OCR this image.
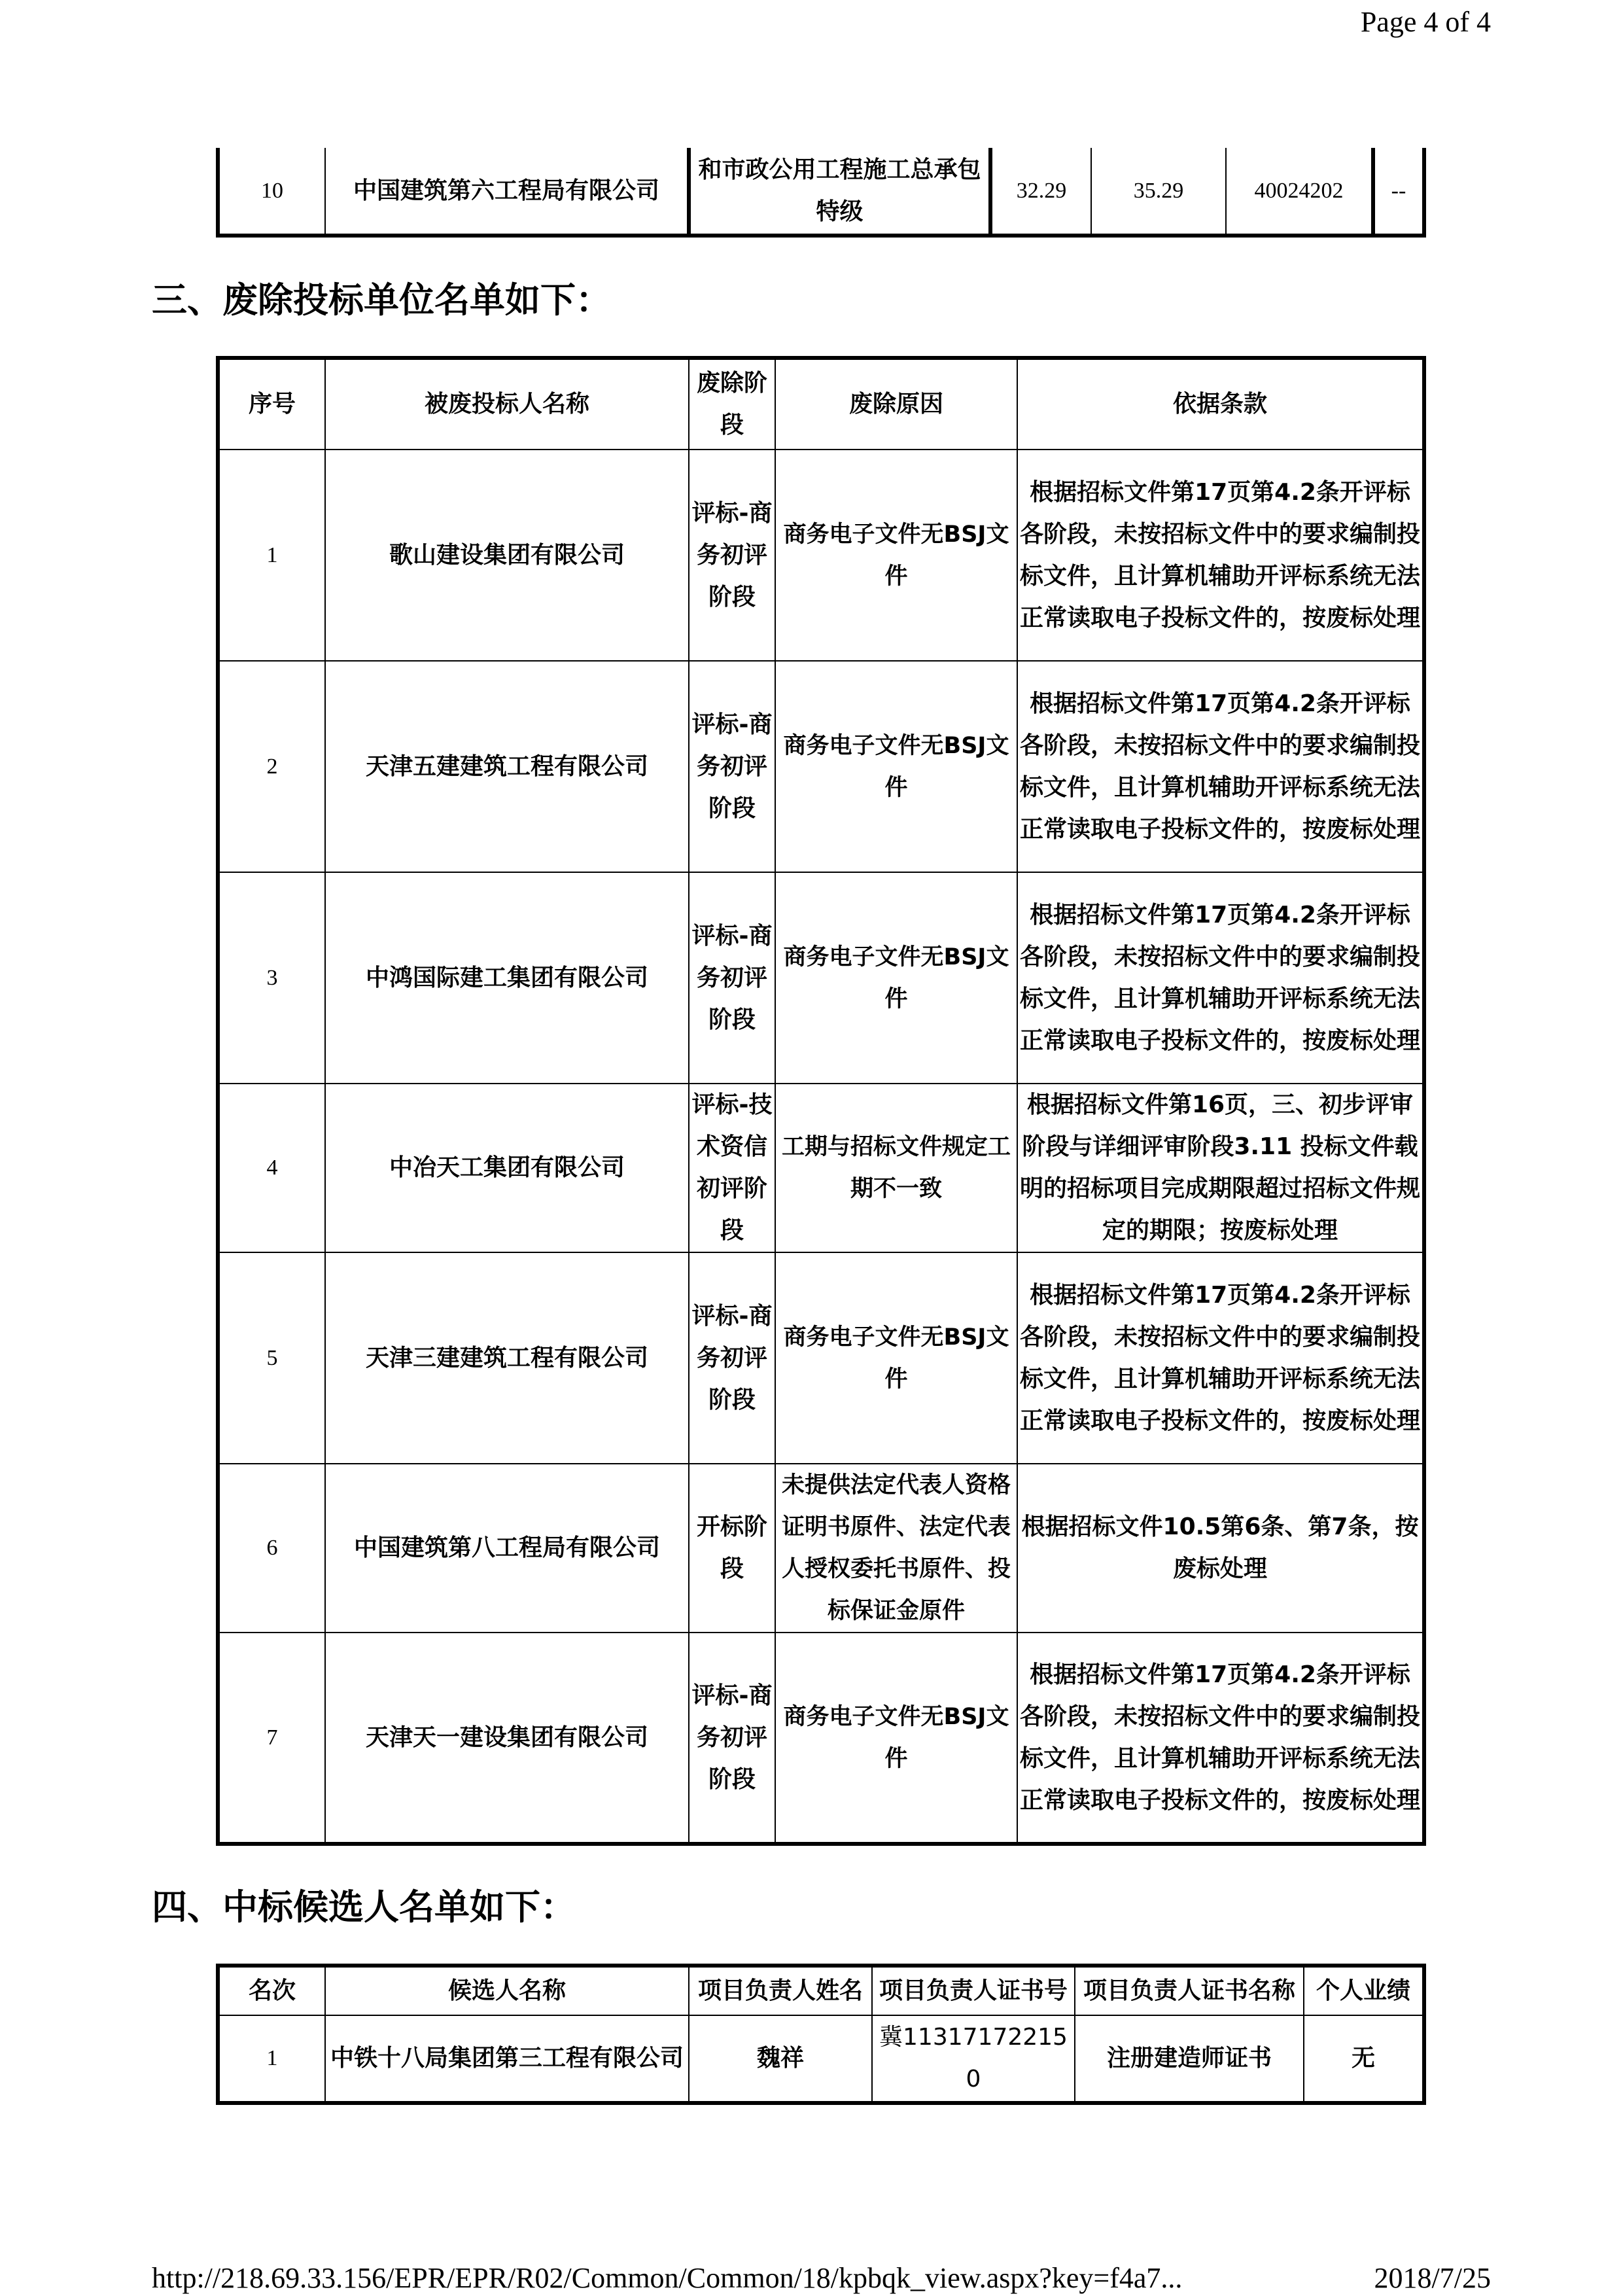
Page 4 of 4
10	中国建筑第六工程局有限公司	和市政公用工程施工总承包特级	32.29	35.29	40024202	--
三、废除投标单位名单如下：
序号	被废投标人名称	废除阶段	废除原因	依据条款
1	歌山建设集团有限公司	评标-商务初评阶段	商务电子文件无BSJ文件	根据招标文件第17页第4.2条开评标各阶段，未按招标文件中的要求编制投标文件，且计算机辅助开评标系统无法正常读取电子投标文件的，按废标处理
2	天津五建建筑工程有限公司	评标-商务初评阶段	商务电子文件无BSJ文件	根据招标文件第17页第4.2条开评标各阶段，未按招标文件中的要求编制投标文件，且计算机辅助开评标系统无法正常读取电子投标文件的，按废标处理
3	中鸿国际建工集团有限公司	评标-商务初评阶段	商务电子文件无BSJ文件	根据招标文件第17页第4.2条开评标各阶段，未按招标文件中的要求编制投标文件，且计算机辅助开评标系统无法正常读取电子投标文件的，按废标处理
4	中冶天工集团有限公司	评标-技术资信初评阶段	工期与招标文件规定工期不一致	根据招标文件第16页，三、初步评审阶段与详细评审阶段3.11 投标文件载明的招标项目完成期限超过招标文件规定的期限；按废标处理
5	天津三建建筑工程有限公司	评标-商务初评阶段	商务电子文件无BSJ文件	根据招标文件第17页第4.2条开评标各阶段，未按招标文件中的要求编制投标文件，且计算机辅助开评标系统无法正常读取电子投标文件的，按废标处理
6	中国建筑第八工程局有限公司	开标阶段	未提供法定代表人资格证明书原件、法定代表人授权委托书原件、投标保证金原件	根据招标文件10.5第6条、第7条，按废标处理
7	天津天一建设集团有限公司	评标-商务初评阶段	商务电子文件无BSJ文件	根据招标文件第17页第4.2条开评标各阶段，未按招标文件中的要求编制投标文件，且计算机辅助开评标系统无法正常读取电子投标文件的，按废标处理
四、中标候选人名单如下：
名次	候选人名称	项目负责人姓名	项目负责人证书号	项目负责人证书名称	个人业绩
1	中铁十八局集团第三工程有限公司	魏祥	冀113171722150	注册建造师证书	无
http://218.69.33.156/EPR/EPR/R02/Common/Common/18/kpbqk_view.aspx?key=f4a7...	2018/7/25
